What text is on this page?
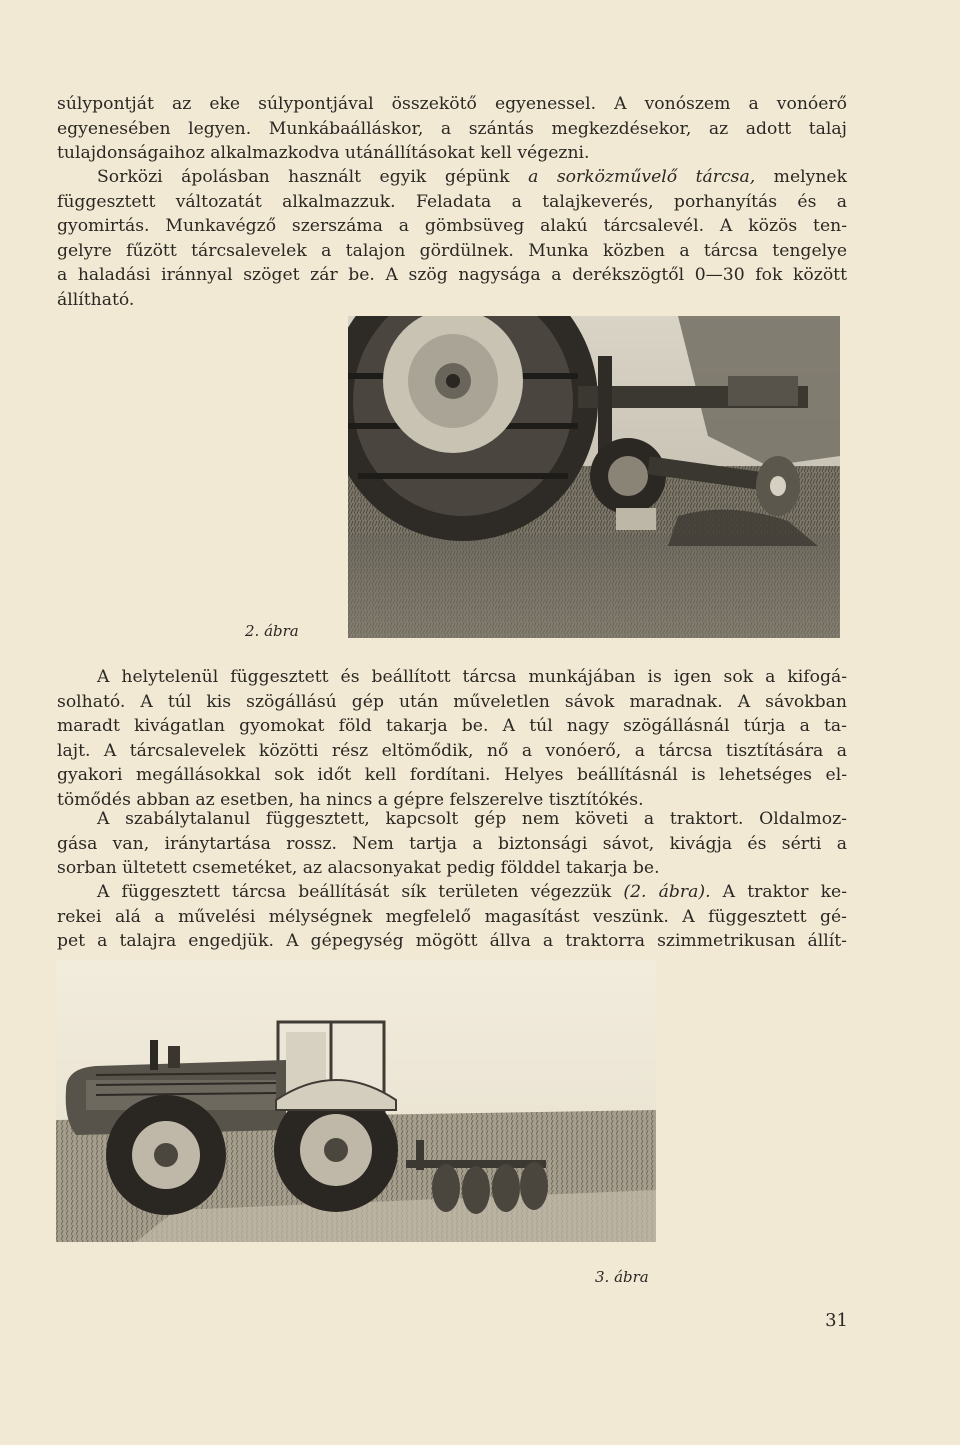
súlypontját az eke súlypontjával összekötő egyenessel. A vonószem a vonóerő
egyenesében legyen. Munkábaálláskor, a szántás megkezdésekor, az adott talaj
tulajdonságaihoz alkalmazkodva utánállításokat kell végezni.

Sorközi ápolásban használt egyik gépünk a sorközművelő tárcsa, melynek
függesztett változatát alkalmazzuk. Feladata a talajkeverés, porhanyítás és a
gyomirtás. Munkavégző szerszáma a gömbsüveg alakú tárcsalevél. A közös ten-
gelyre fűzött tárcsalevelek a talajon gördülnek. Munka közben a tárcsa tengelye
a haladási iránnyal szöget zár be. A szög nagysága a derékszögtől 0—30 fok között
állítható.

2. ábra

A helytelenül függesztett és beállított tárcsa munkájában is igen sok a kifogá-
solható. A túl kis szögállású gép után műveletlen sávok maradnak. A sávokban
maradt kivágatlan gyomokat föld takarja be. A túl nagy szögállásnál túrja a ta-
lajt. A tárcsalevelek közötti rész eltömődik, nő a vonóerő, a tárcsa tisztítására a
gyakori megállásokkal sok időt kell fordítani. Helyes beállításnál is lehetséges el-
tömődés abban az esetben, ha nincs a gépre felszerelve tisztítókés.

A szabálytalanul függesztett, kapcsolt gép nem követi a traktort. Oldalmoz-
gása van, iránytartása rossz. Nem tartja a biztonsági sávot, kivágja és sérti a
sorban ültetett csemetéket, az alacsonyakat pedig földdel takarja be.

A függesztett tárcsa beállítását sík területen végezzük (2. ábra). A traktor ke-
rekei alá a művelési mélységnek megfelelő magasítást veszünk. A függesztett gé-
pet a talajra engedjük. A gépegység mögött állva a traktorra szimmetrikusan állít-

3. ábra
31
